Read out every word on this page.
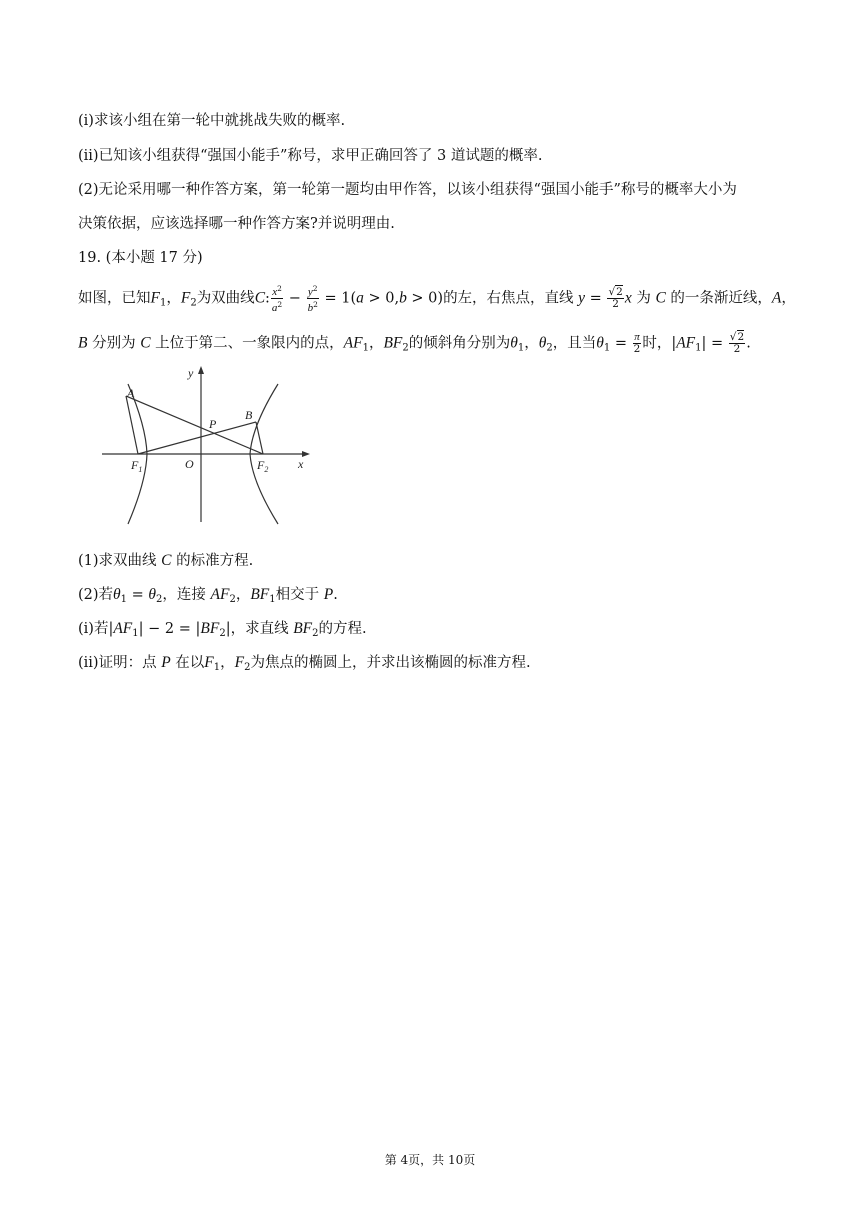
(ⅰ)求该小组在第一轮中就挑战失败的概率.
(ⅱ)已知该小组获得“强国小能手”称号，求甲正确回答了 3 道试题的概率.
(2)无论采用哪一种作答方案，第一轮第一题均由甲作答，以该小组获得“强国小能手”称号的概率大小为
决策依据，应该选择哪一种作答方案?并说明理由.
19. (本小题 17 分)
如图，已知$F_1$，$F_2$为双曲线C: $\frac{x^2}{a^2} - \frac{y^2}{b^2} = 1(a > 0,b > 0)$的左，右焦点，直线 $y = \frac{√2}{2}$ x 为 C 的一条渐近线，A，
B 分别为 C 上位于第二、一象限内的点，$AF_1$，$BF_2$的倾斜角分别为$\theta_1$，$\theta_2$，且当$\theta_1 = \frac{\pi}{2}$ 时，$|AF_1| = \frac{√2}{2}$ .
y
x
A
B
P
O
$F_1$	$F_2$
(1)求双曲线 C 的标准方程.
(2)若$\theta_1 = \theta_2$，连接 $AF_2$，$BF_1$相交于 P.
(ⅰ)若$|AF_1| - 2 = |BF_2|$，求直线 $BF_2$的方程.
(ⅱ)证明：点 P 在以$F_1$，$F_2$为焦点的椭圆上，并求出该椭圆的标准方程.
第 4页，共 10页
